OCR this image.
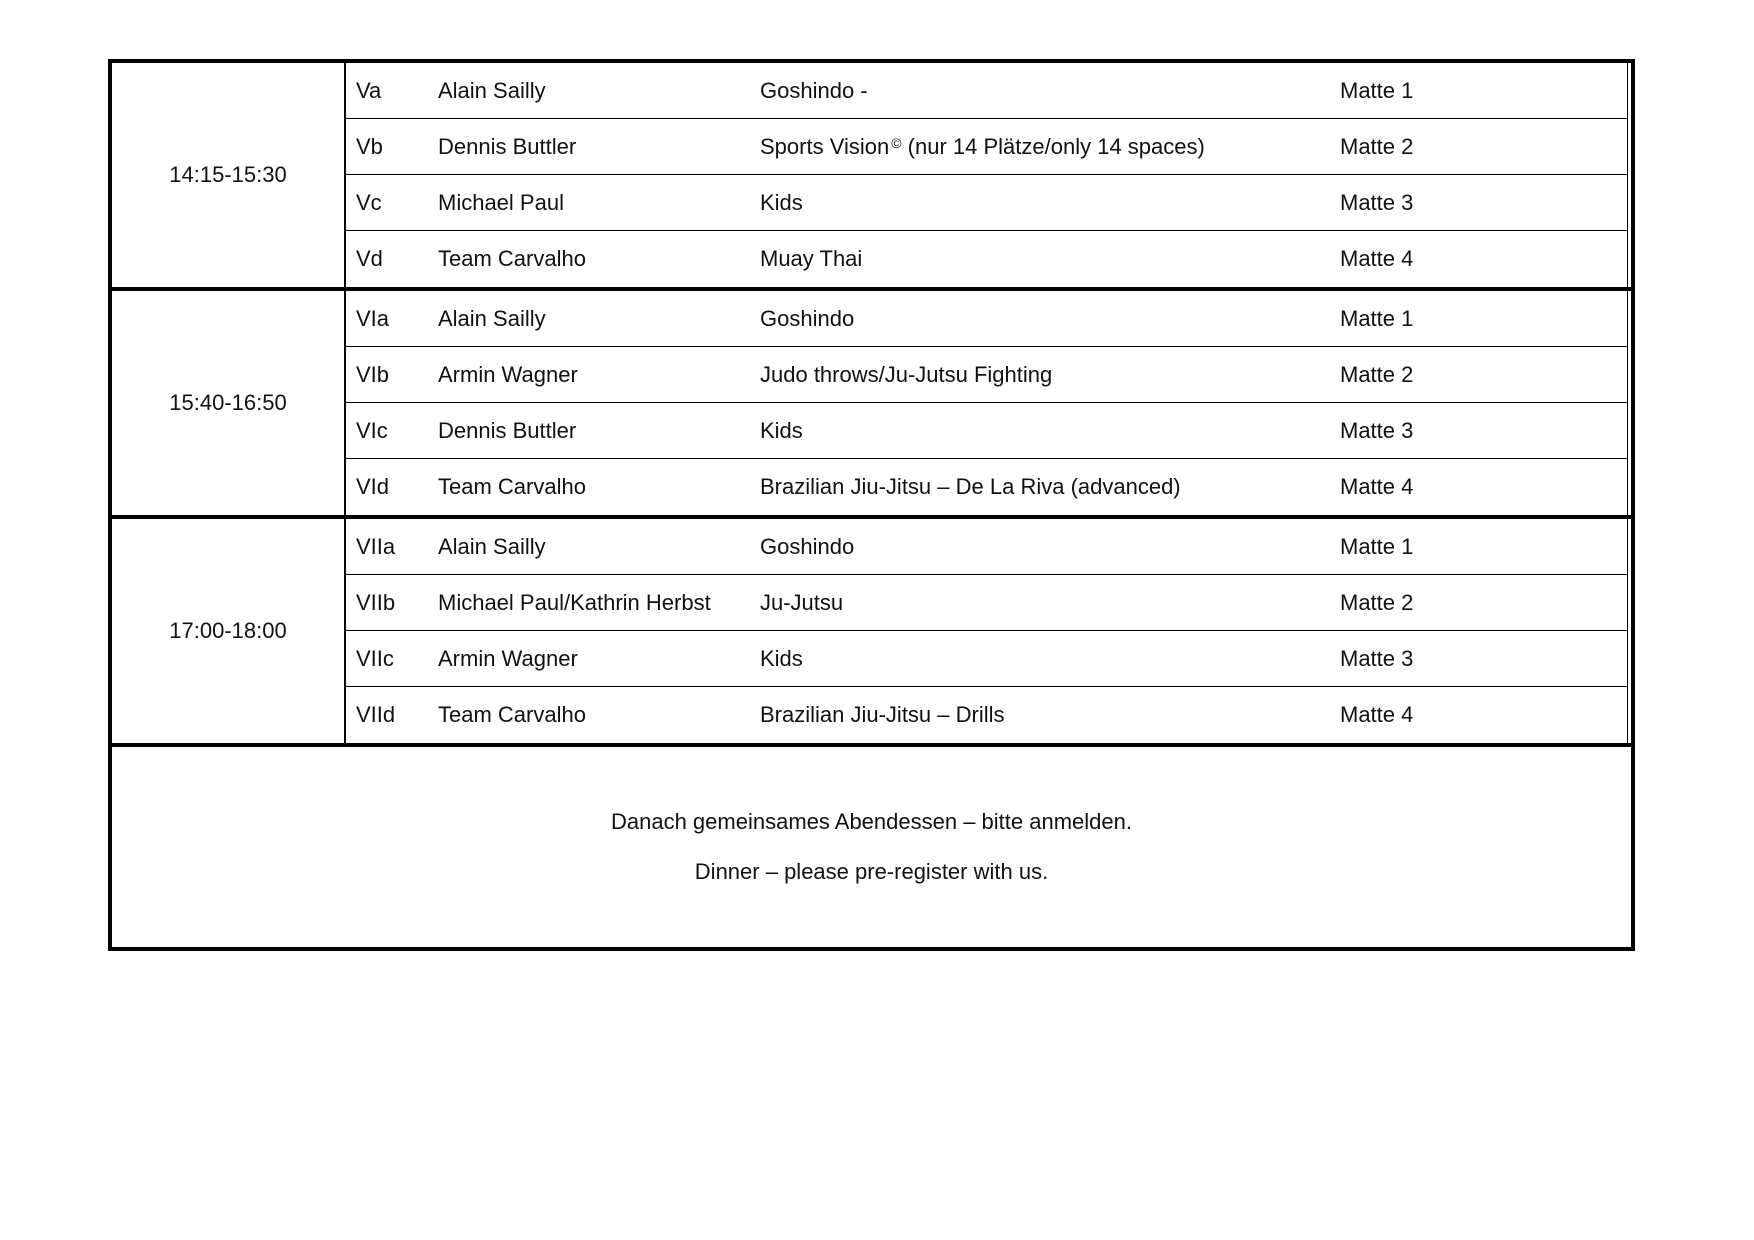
14:15-15:30
Va	Alain Sailly	Goshindo -	Matte 1
Vb	Dennis Buttler	Sports Vision © (nur 14 Plätze/only 14 spaces)	Matte 2
Vc	Michael Paul	Kids	Matte 3
Vd	Team Carvalho	Muay Thai	Matte 4
15:40-16:50
VIa	Alain Sailly	Goshindo	Matte 1
VIb	Armin Wagner	Judo throws/Ju-Jutsu Fighting	Matte 2
VIc	Dennis Buttler	Kids	Matte 3
VId	Team Carvalho	Brazilian Jiu-Jitsu – De La Riva (advanced)	Matte 4
17:00-18:00
VIIa	Alain Sailly	Goshindo	Matte 1
VIIb	Michael Paul/Kathrin Herbst	Ju-Jutsu	Matte 2
VIIc	Armin Wagner	Kids	Matte 3
VIId	Team Carvalho	Brazilian Jiu-Jitsu – Drills	Matte 4
Danach gemeinsames Abendessen – bitte anmelden.
Dinner – please pre-register with us.
